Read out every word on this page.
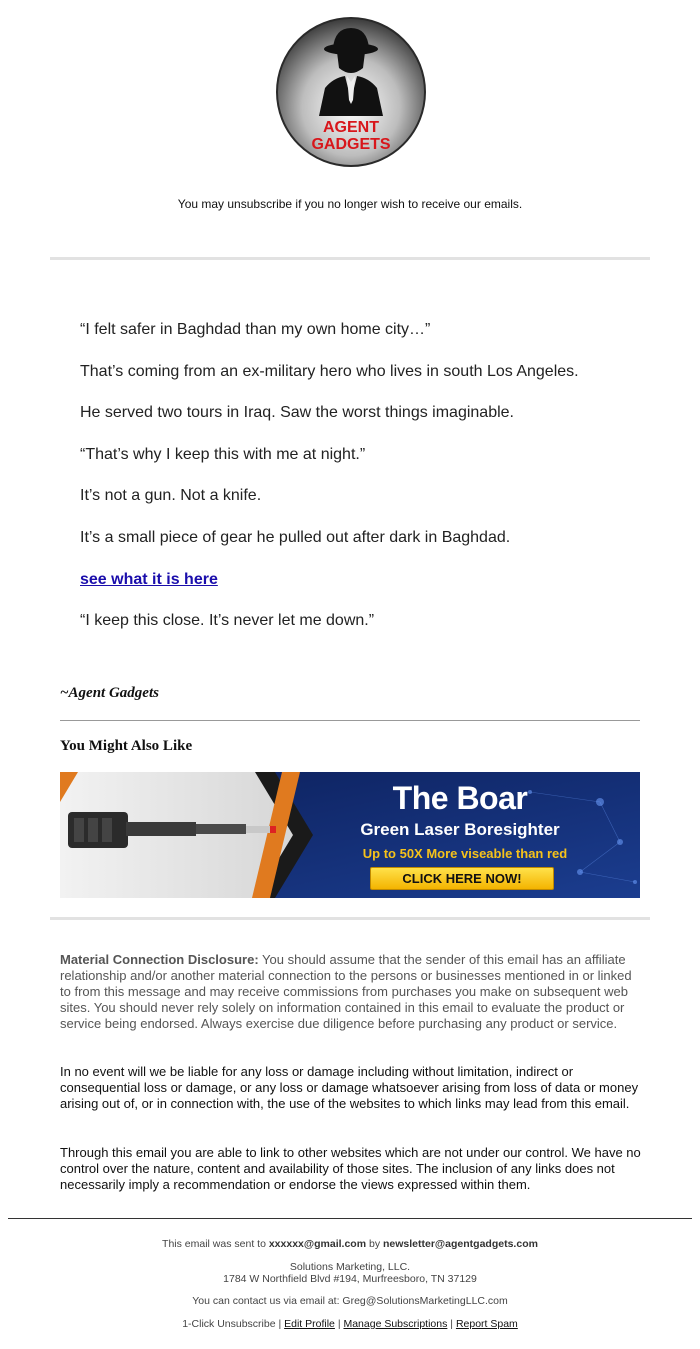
AGENT
GADGETS
You may unsubscribe if you no longer wish to receive our emails.

“I felt safer in Baghdad than my own home city…”

That’s coming from an ex-military hero who lives in south Los Angeles.

He served two tours in Iraq. Saw the worst things imaginable.

“That’s why I keep this with me at night.”

It’s not a gun. Not a knife.

It’s a small piece of gear he pulled out after dark in Baghdad.

see what it is here

“I keep this close. It’s never let me down.”

~Agent Gadgets
You Might Also Like
The Boar
Green Laser Boresighter
Up to 50X More viseable than red
CLICK HERE NOW!
Material Connection Disclosure: You should assume that the sender of this email has an affiliate relationship and/or another material connection to the persons or businesses mentioned in or linked to from this message and may receive commissions from purchases you make on subsequent web sites. You should never rely solely on information contained in this email to evaluate the product or service being endorsed. Always exercise due diligence before purchasing any product or service.
In no event will we be liable for any loss or damage including without limitation, indirect or consequential loss or damage, or any loss or damage whatsoever arising from loss of data or money arising out of, or in connection with, the use of the websites to which links may lead from this email.
Through this email you are able to link to other websites which are not under our control. We have no control over the nature, content and availability of those sites. The inclusion of any links does not necessarily imply a recommendation or endorse the views expressed within them.
This email was sent to xxxxxx@gmail.com by newsletter@agentgadgets.com
Solutions Marketing, LLC.
1784 W Northfield Blvd #194, Murfreesboro, TN 37129
You can contact us via email at: Greg@SolutionsMarketingLLC.com
1-Click Unsubscribe | Edit Profile | Manage Subscriptions | Report Spam
